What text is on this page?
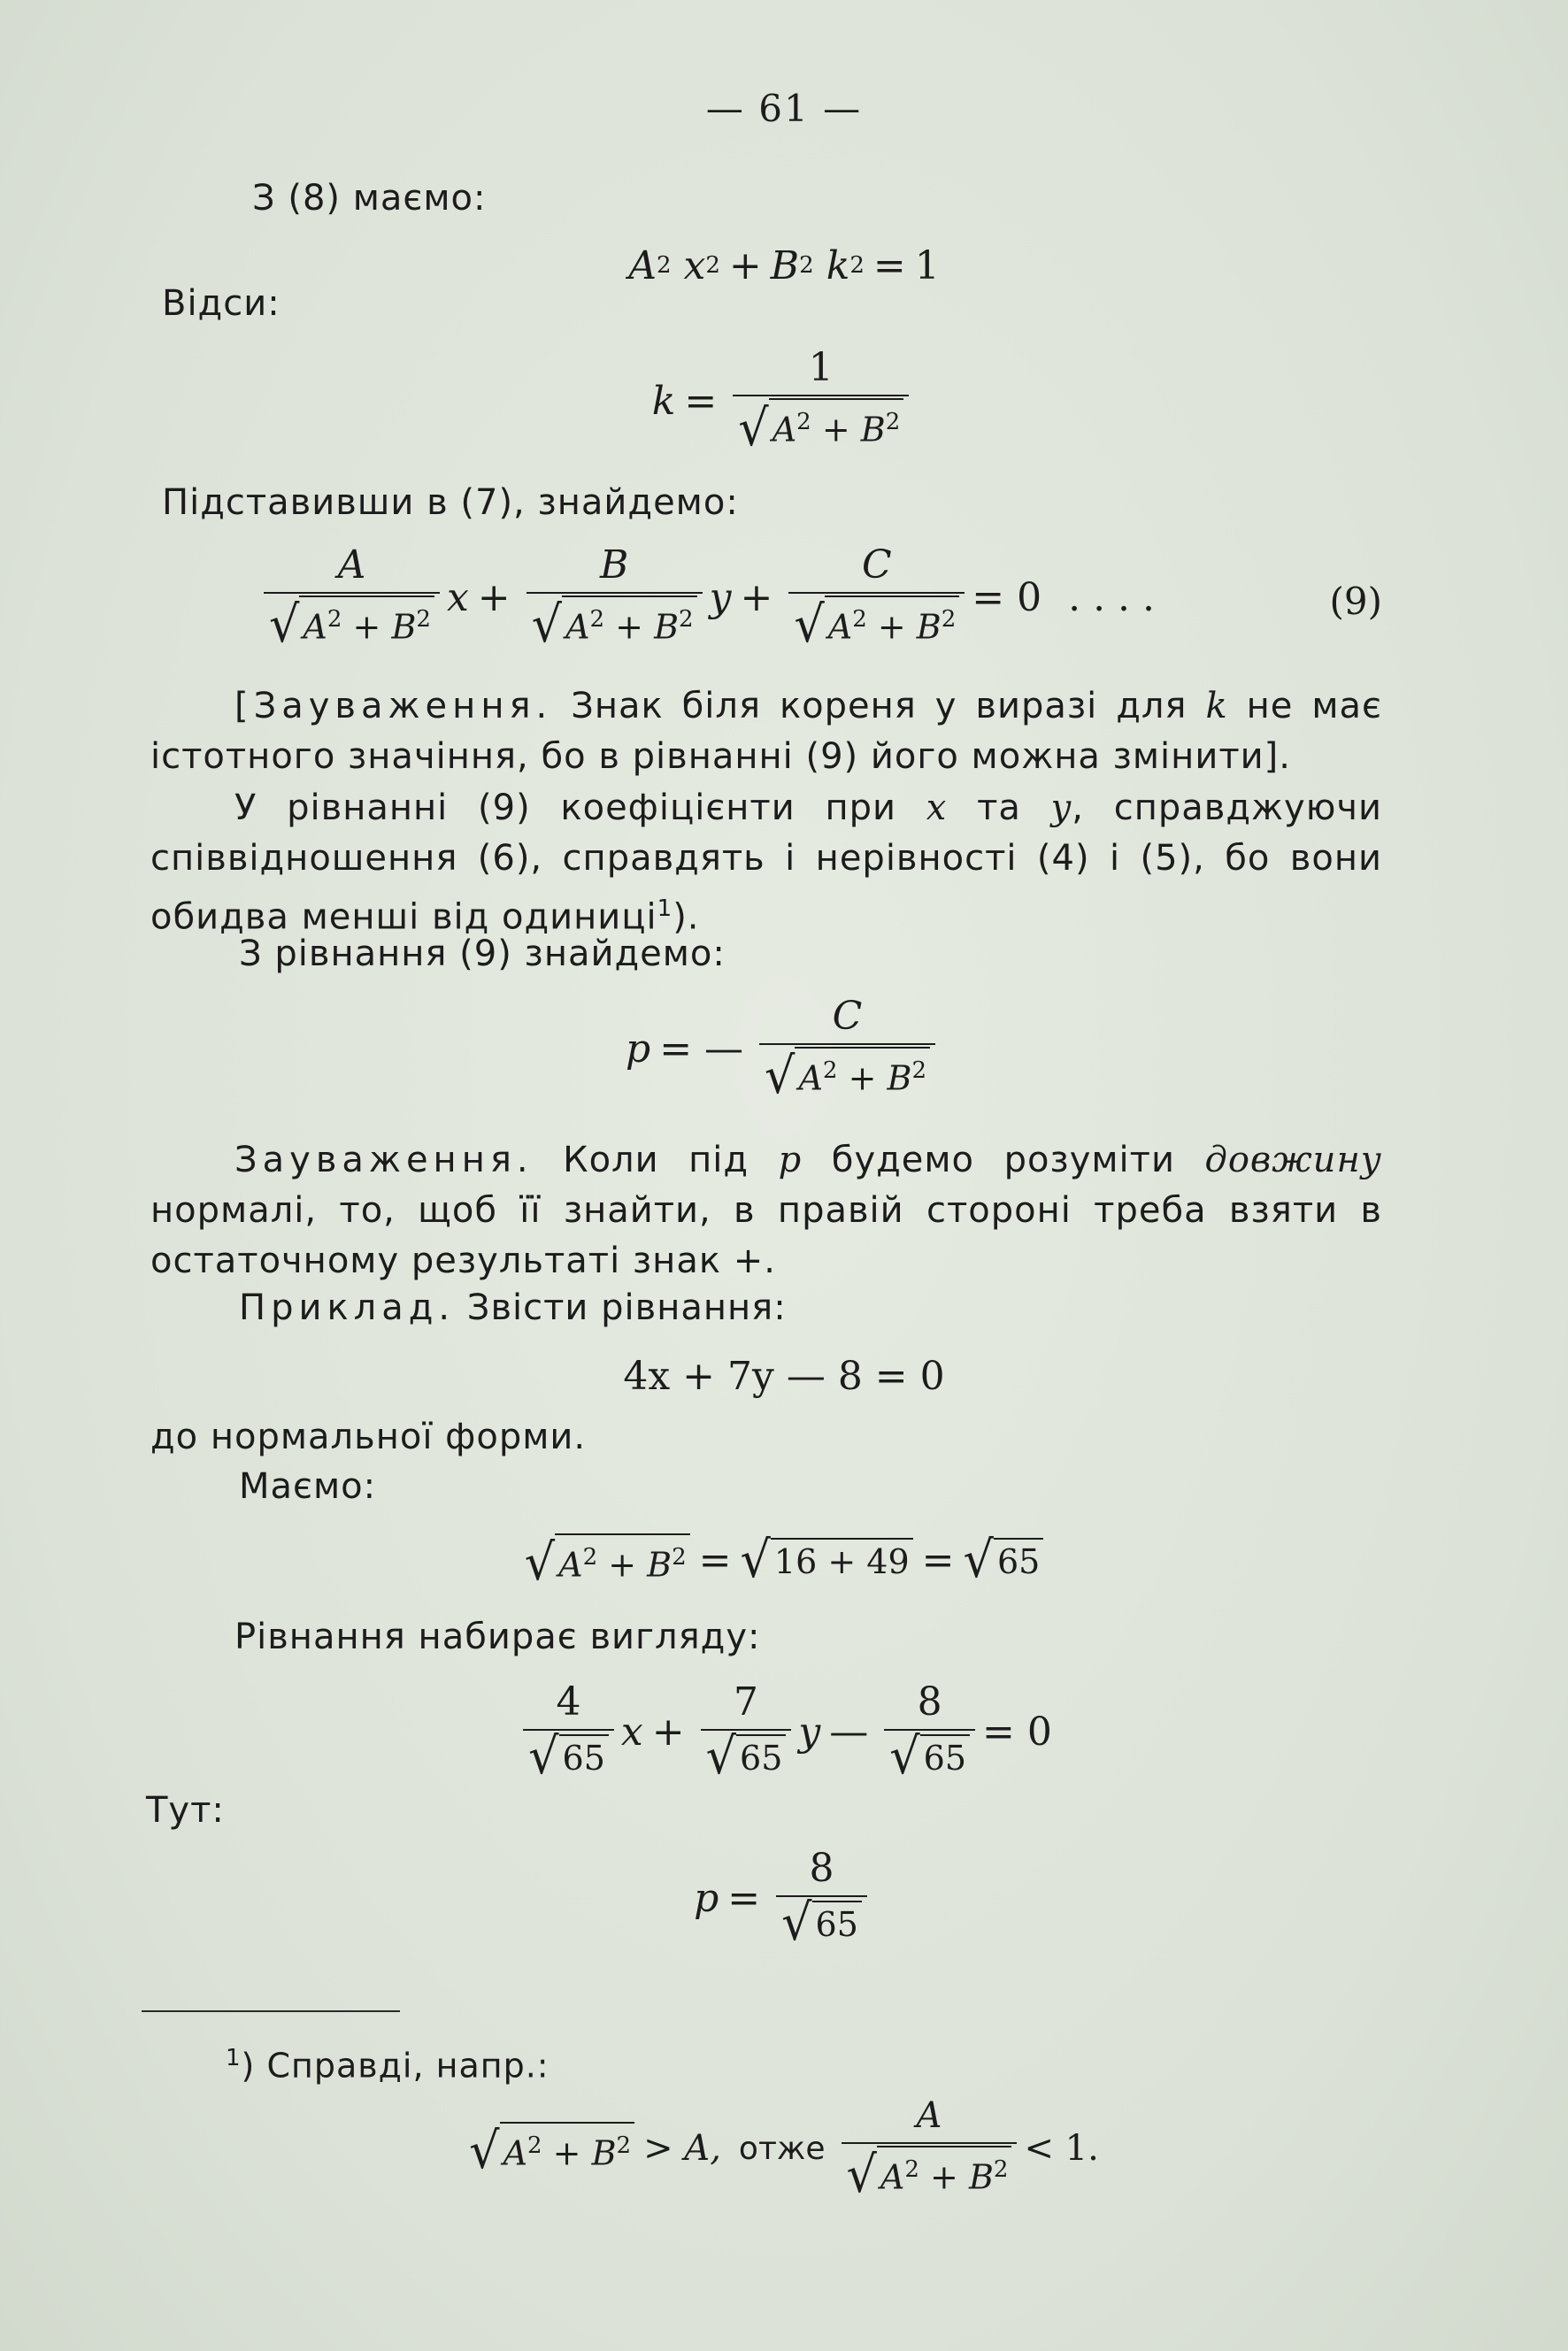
— 61 —
З (8) маємо:
A 2
x 2 + B 2
k 2 = 1
Відси:
$k = \frac{1}{√ A^2 + B^2}$
Підставивши в (7), знайдемо:
$\frac{A}{√ A^2 + B^2}$ $x + \frac{B}{√ A^2 + B^2}$ $y + \frac{C}{√ A^2 + B^2} = 0$ . . . .	(9)
[Зауваження. Знак біля кореня у виразі для k не має істотного значіння, бо в рівнанні (9) його можна змінити].
У рівнанні (9) коефіцієнти при x та y, справджуючи співвідношення (6), справдять і нерівності (4) і (5), бо вони обидва менші від одиниці$^1$).
З рівнання (9) знайдемо:
p = — $\frac{C}{√ A^2 + B^2}$
Зауваження. Коли під p будемо розуміти довжину нормалі, то, щоб її знайти, в правій стороні треба взяти в остаточному результаті знак +.
Приклад. Звісти рівнання:
4x + 7y — 8 = 0
до нормальної форми.
Маємо:
√ $A^2 + B^2$ = √ 16 + 49 = √ 65
Рівнання набирає вигляду:
$\frac{4}{√ 65}$ $x + \frac{7}{√ 65}$ y — $\frac{8}{√ 65} = 0$
Тут:
$p = \frac{8}{√ 65}$
$^1$) Справді, напр.:
√ $A^2 + B^2 > A$, отже $\frac{A}{√ A^2 + B^2} < 1$.
